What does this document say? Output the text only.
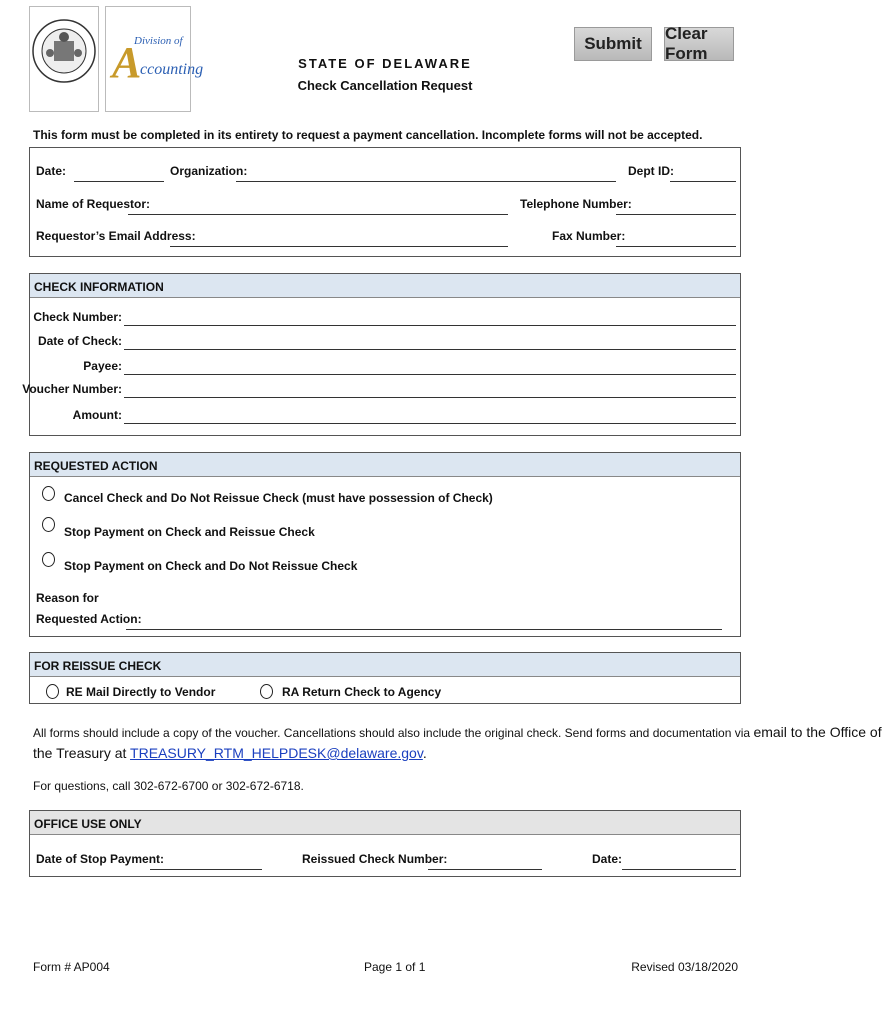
Division of
A
ccounting
Submit
Clear Form
STATE OF DELAWARE
Check Cancellation Request
This form must be completed in its entirety to request a payment cancellation. Incomplete forms will not be accepted.
Date:	Organization:	Dept ID:
Name of Requestor:	Telephone Number:
Requestor’s Email Address:	Fax Number:
CHECK INFORMATION
Check Number:
Date of Check:
Payee:
Voucher Number:
Amount:
REQUESTED ACTION
Cancel Check and Do Not Reissue Check (must have possession of Check)
Stop Payment on Check and Reissue Check
Stop Payment on Check and Do Not Reissue Check
Reason for
Requested Action:
FOR REISSUE CHECK
RE Mail Directly to Vendor	RA Return Check to Agency
All forms should include a copy of the voucher. Cancellations should also include the original check. Send forms and documentation via email to the Office of
the Treasury at TREASURY_RTM_HELPDESK@delaware.gov.
For questions, call 302-672-6700 or 302-672-6718.
OFFICE USE ONLY
Date of Stop Payment:	Reissued Check Number:	Date:
Form # AP004	Page 1 of 1	Revised 03/18/2020
